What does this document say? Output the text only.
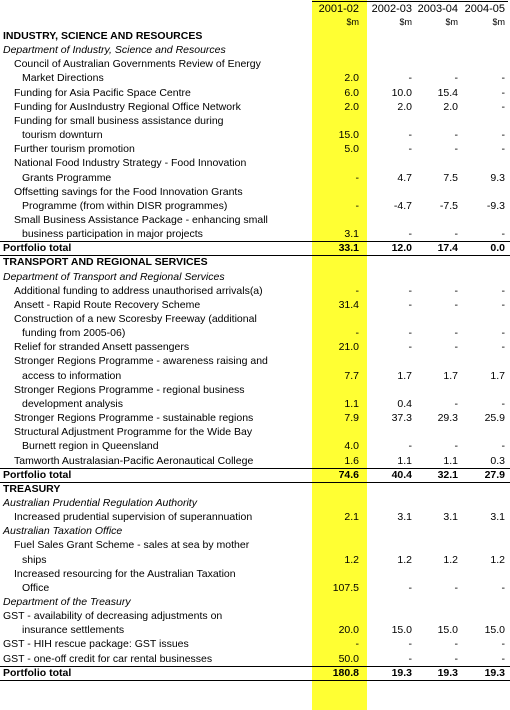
2001-02	2002-03 2003-04 2004-05
$m	$m	$m	$m
INDUSTRY, SCIENCE AND RESOURCES
Department of Industry, Science and Resources
Council of Australian Governments Review of Energy
Market Directions	2.0	-	-	-
Funding for Asia Pacific Space Centre	6.0	10.0	15.4	-
Funding for AusIndustry Regional Office Network	2.0	2.0	2.0	-
Funding for small business assistance during
tourism downturn	15.0	-	-	-
Further tourism promotion	5.0	-	-	-
National Food Industry Strategy - Food Innovation
Grants Programme	-	4.7	7.5	9.3
Offsetting savings for the Food Innovation Grants
Programme (from within DISR programmes)	-	-4.7	-7.5	-9.3
Small Business Assistance Package - enhancing small
business participation in major projects	3.1	-	-	-
Portfolio total	33.1	12.0	17.4	0.0
TRANSPORT AND REGIONAL SERVICES
Department of Transport and Regional Services
Additional funding to address unauthorised arrivals(a)	-	-	-	-
Ansett - Rapid Route Recovery Scheme	31.4	-	-	-
Construction of a new Scoresby Freeway (additional
funding from 2005-06)	-	-	-	-
Relief for stranded Ansett passengers	21.0	-	-	-
Stronger Regions Programme - awareness raising and
access to information	7.7	1.7	1.7	1.7
Stronger Regions Programme - regional business
development analysis	1.1	0.4	-	-
Stronger Regions Programme - sustainable regions	7.9	37.3	29.3	25.9
Structural Adjustment Programme for the Wide Bay
Burnett region in Queensland	4.0	-	-	-
Tamworth Australasian-Pacific Aeronautical College	1.6	1.1	1.1	0.3
Portfolio total	74.6	40.4	32.1	27.9
TREASURY
Australian Prudential Regulation Authority
Increased prudential supervision of superannuation	2.1	3.1	3.1	3.1
Australian Taxation Office
Fuel Sales Grant Scheme - sales at sea by mother
ships	1.2	1.2	1.2	1.2
Increased resourcing for the Australian Taxation
Office	107.5	-	-	-
Department of the Treasury
GST - availability of decreasing adjustments on
insurance settlements	20.0	15.0	15.0	15.0
GST - HIH rescue package: GST issues	-	-	-	-
GST - one-off credit for car rental businesses	50.0	-	-	-
Portfolio total	180.8	19.3	19.3	19.3
